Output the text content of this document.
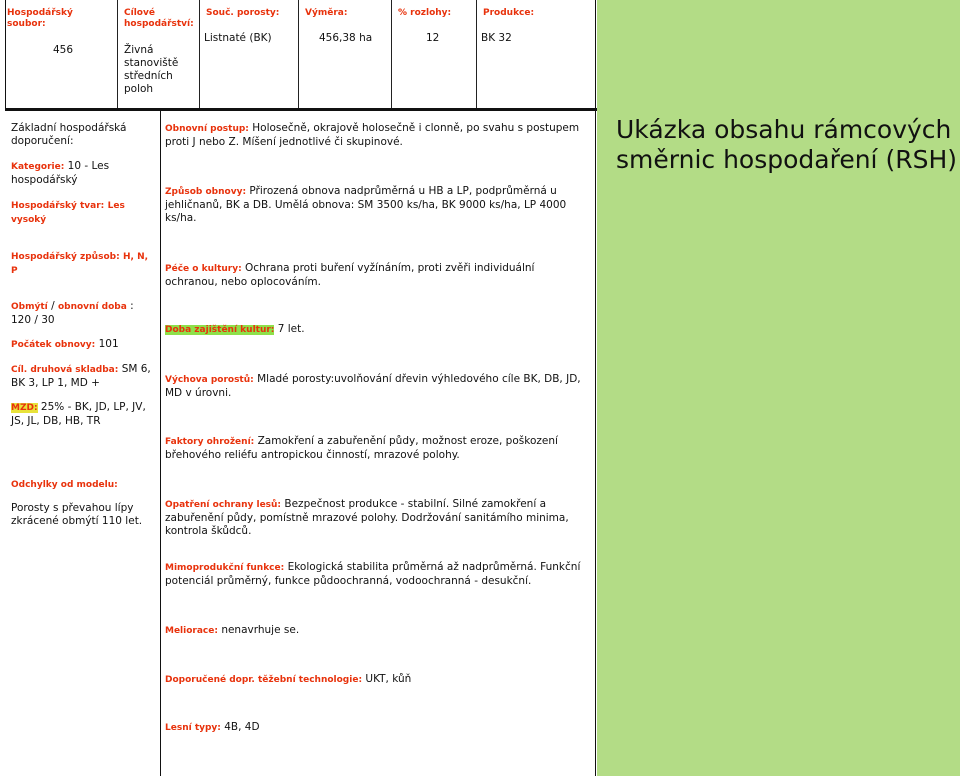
Hospodářský soubor:
456
Cílové hospodářství:
Živná stanoviště středních poloh
Souč. porosty:
Listnaté (BK)
Výměra:
456,38 ha
% rozlohy:
12
Produkce:
BK 32
Základní hospodářská doporučení:
Kategorie: 10 - Les hospodářský
Hospodářský tvar: Les vysoký
Hospodářský způsob: H, N, P
Obmýtí / obnovní doba :
120 / 30
Počátek obnovy: 101
Cíl. druhová skladba: SM 6, BK 3, LP 1, MD +
MZD: 25% - BK, JD, LP, JV, JS, JL, DB, HB, TR
Odchylky od modelu:
Porosty s převahou lípy zkrácené obmýtí 110 let.
Obnovní postup: Holosečně, okrajově holosečně i clonně, po svahu s postupem proti J nebo Z. Míšení jednotlivé či skupinové.
Způsob obnovy: Přirozená obnova nadprůměrná u HB a LP, podprůměrná u jehličnanů, BK a DB. Umělá obnova: SM 3500 ks/ha, BK 9000 ks/ha, LP 4000 ks/ha.
Péče o kultury: Ochrana proti buření vyžínáním, proti zvěři individuální ochranou, nebo oplocováním.
Doba zajištění kultur: 7 let.
Výchova porostů: Mladé porosty:uvolňování dřevin výhledového cíle BK, DB, JD, MD v úrovni.
Faktory ohrožení: Zamokření a zabuřenění půdy, možnost eroze, poškození břehového reliéfu antropickou činností, mrazové polohy.
Opatření ochrany lesů: Bezpečnost produkce - stabilní. Silné zamokření a zabuřenění půdy, pomístně mrazové polohy. Dodržování sanitámího minima, kontrola škůdců.
Mimoprodukční funkce: Ekologická stabilita průměrná až nadprůměrná. Funkční potenciál průměrný, funkce půdoochranná, vodoochranná - desukční.
Meliorace: nenavrhuje se.
Doporučené dopr. těžební technologie: UKT, kůň
Lesní typy: 4B, 4D
Ukázka obsahu rámcových
směrnic hospodaření (RSH)
